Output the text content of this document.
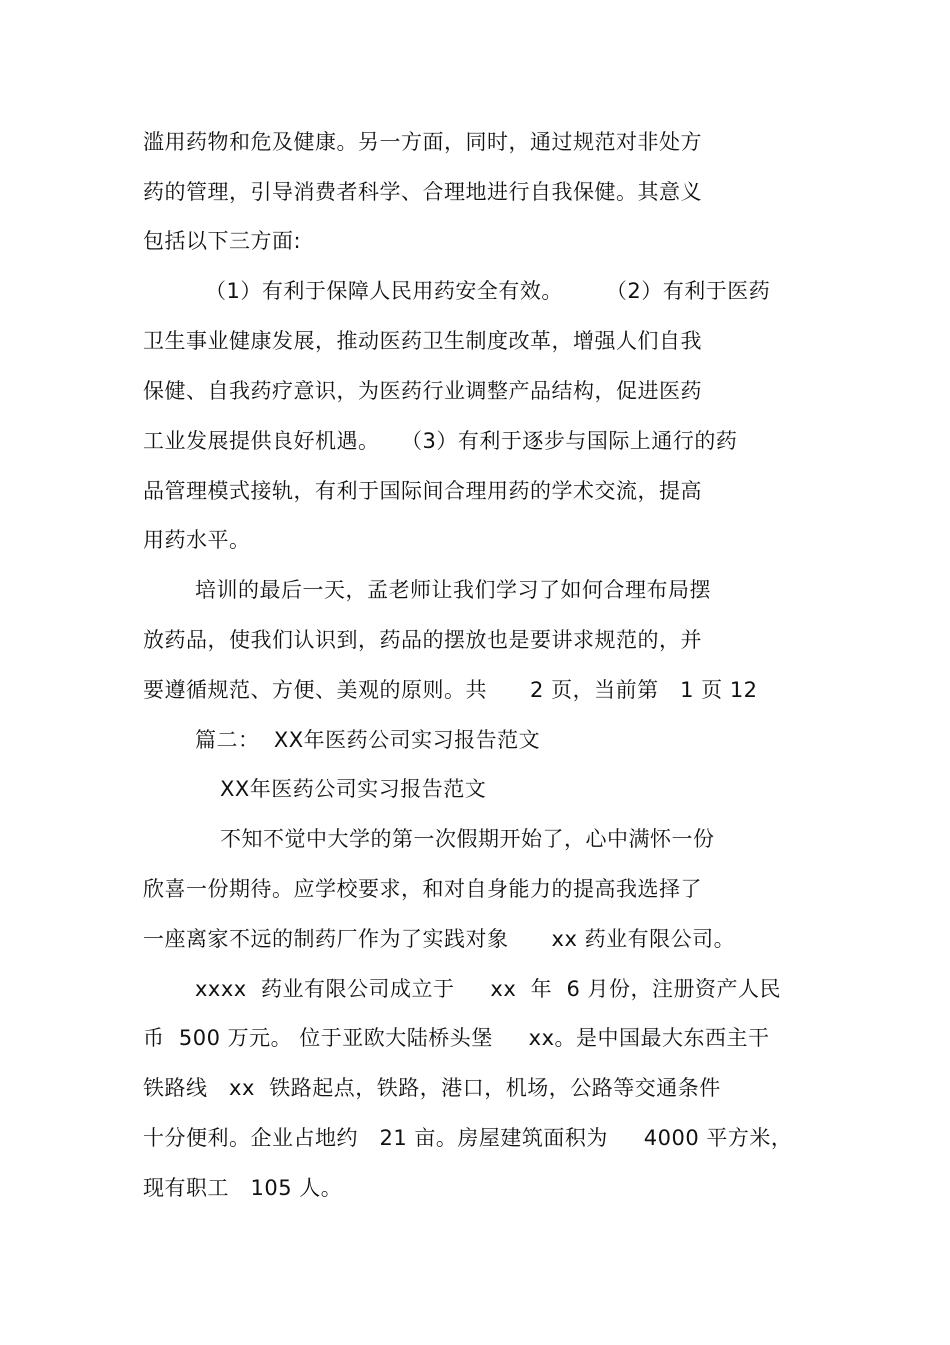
滥用药物和危及健康。另一方面，同时，通过规范对非处方
药的管理，引导消费者科学、合理地进行自我保健。其意义
包括以下三方面:
（1）有利于保障人民用药安全有效。      （2）有利于医药
卫生事业健康发展，推动医药卫生制度改革，增强人们自我
保健、自我药疗意识，为医药行业调整产品结构，促进医药
工业发展提供良好机遇。   （3）有利于逐步与国际上通行的药
品管理模式接轨，有利于国际间合理用药的学术交流，提高
用药水平。
培训的最后一天，孟老师让我们学习了如何合理布局摆
放药品，使我们认识到，药品的摆放也是要讲求规范的，并
要遵循规范、方便、美观的原则。共      2 页，当前第   1 页 12
篇二：  XX年医药公司实习报告范文
XX年医药公司实习报告范文
不知不觉中大学的第一次假期开始了，心中满怀一份
欣喜一份期待。应学校要求，和对自身能力的提高我选择了
一座离家不远的制药厂作为了实践对象      xx 药业有限公司。
xxxx  药业有限公司成立于     xx  年  6 月份，注册资产人民
币  500 万元。 位于亚欧大陆桥头堡     xx。是中国最大东西主干
铁路线   xx  铁路起点，铁路，港口，机场，公路等交通条件
十分便利。企业占地约   21 亩。房屋建筑面积为     4000 平方米，
现有职工   105 人。
